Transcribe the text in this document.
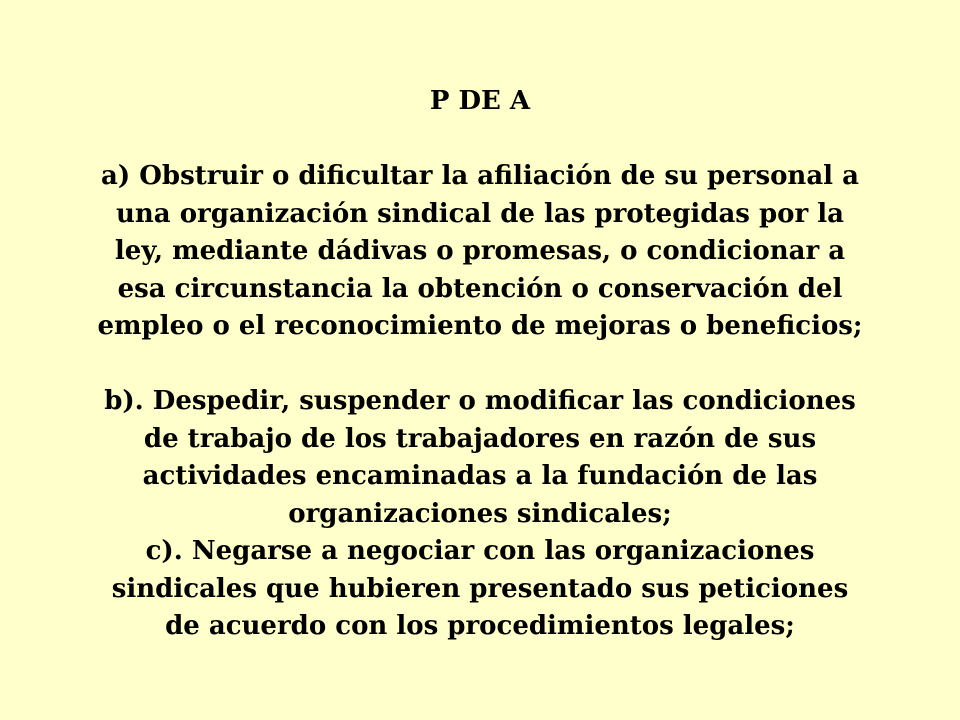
P DE A
a) Obstruir o dificultar la afiliación de su personal a
una organización sindical de las protegidas por la
ley, mediante dádivas o promesas, o condicionar a
esa circunstancia la obtención o conservación del
empleo o el reconocimiento de mejoras o beneficios;
b). Despedir, suspender o modificar las condiciones
de trabajo de los trabajadores en razón de sus
actividades encaminadas a la fundación de las
organizaciones sindicales;
c). Negarse a negociar con las organizaciones
sindicales que hubieren presentado sus peticiones
de acuerdo con los procedimientos legales;
